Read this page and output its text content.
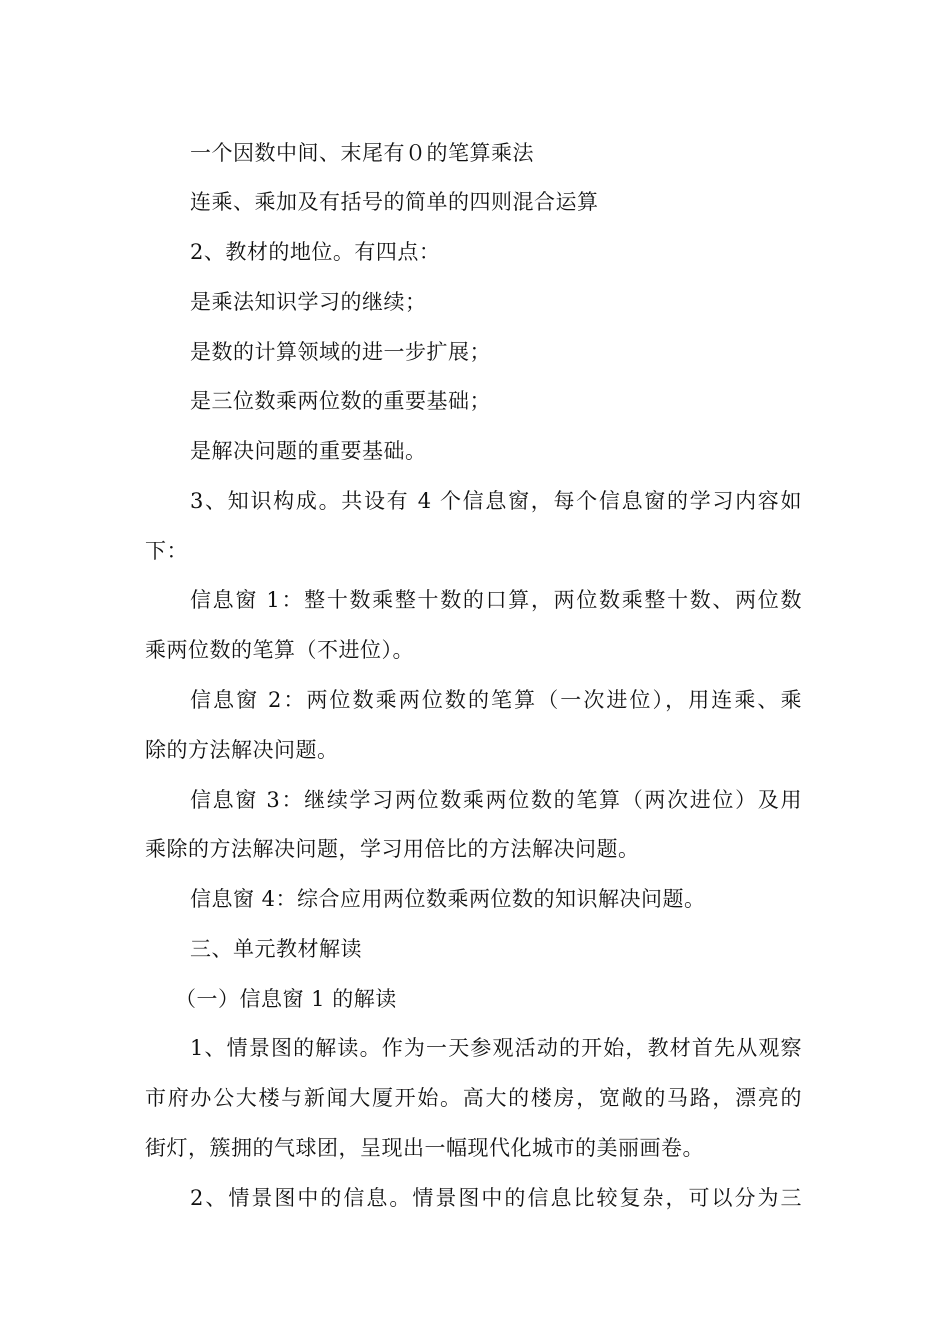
一个因数中间、末尾有０的笔算乘法
连乘、乘加及有括号的简单的四则混合运算
2、教材的地位。有四点：
是乘法知识学习的继续；
是数的计算领域的进一步扩展；
是三位数乘两位数的重要基础；
是解决问题的重要基础。
3、知识构成。共设有 4 个信息窗，每个信息窗的学习内容如
下：
信息窗 1：整十数乘整十数的口算，两位数乘整十数、两位数
乘两位数的笔算（不进位）。
信息窗 2：两位数乘两位数的笔算（一次进位），用连乘、乘
除的方法解决问题。
信息窗 3：继续学习两位数乘两位数的笔算（两次进位）及用
乘除的方法解决问题，学习用倍比的方法解决问题。
信息窗 4：综合应用两位数乘两位数的知识解决问题。
三、单元教材解读
（一）信息窗 1 的解读
1、情景图的解读。作为一天参观活动的开始，教材首先从观察
市府办公大楼与新闻大厦开始。高大的楼房，宽敞的马路，漂亮的
街灯，簇拥的气球团，呈现出一幅现代化城市的美丽画卷。
2、情景图中的信息。情景图中的信息比较复杂，可以分为三
